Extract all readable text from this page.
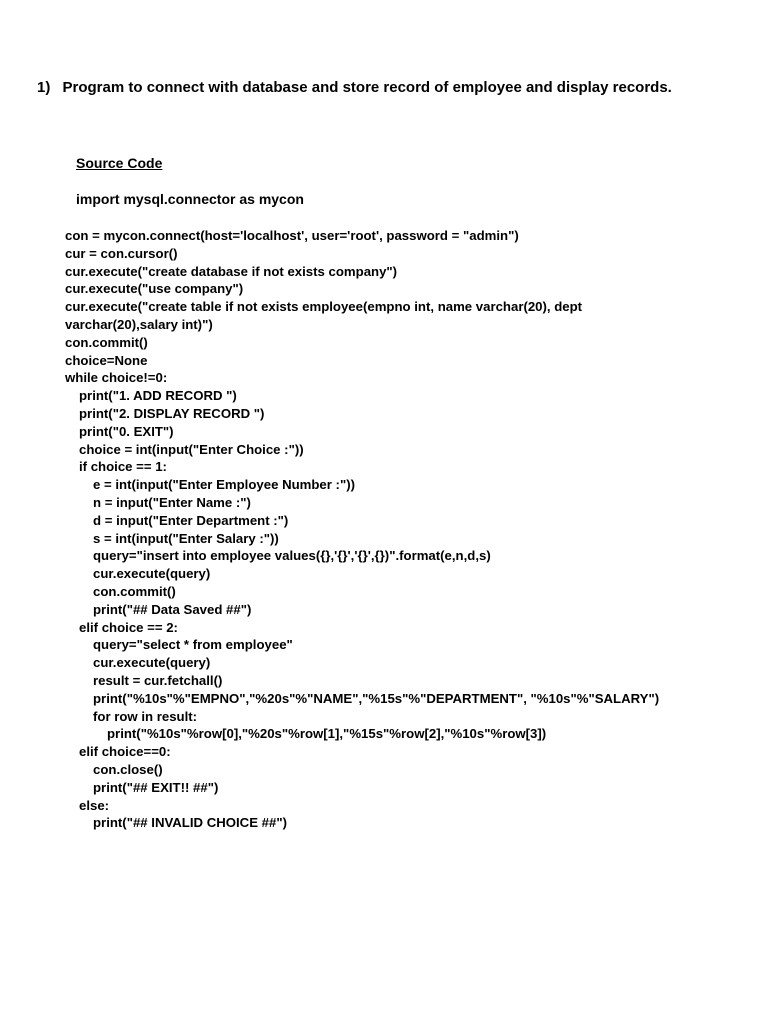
1) Program to connect with database and store record of employee and display records.
Source Code
import mysql.connector as mycon
con = mycon.connect(host='localhost', user='root', password = "admin")
cur = con.cursor()
cur.execute("create database if not exists company")
cur.execute("use company")
cur.execute("create table if not exists employee(empno int, name varchar(20), dept
varchar(20),salary int)")
con.commit()
choice=None
while choice!=0:
print("1. ADD RECORD ")
print("2. DISPLAY RECORD ")
print("0. EXIT")
choice = int(input("Enter Choice :"))
if choice == 1:
e = int(input("Enter Employee Number :"))
n = input("Enter Name :")
d = input("Enter Department :")
s = int(input("Enter Salary :"))
query="insert into employee values({},'{}','{}',{})".format(e,n,d,s)
cur.execute(query)
con.commit()
print("## Data Saved ##")
elif choice == 2:
query="select * from employee"
cur.execute(query)
result = cur.fetchall()
print("%10s"%"EMPNO","%20s"%"NAME","%15s"%"DEPARTMENT", "%10s"%"SALARY")
for row in result:
print("%10s"%row[0],"%20s"%row[1],"%15s"%row[2],"%10s"%row[3])
elif choice==0:
con.close()
print("## EXIT!! ##")
else:
print("## INVALID CHOICE ##")
